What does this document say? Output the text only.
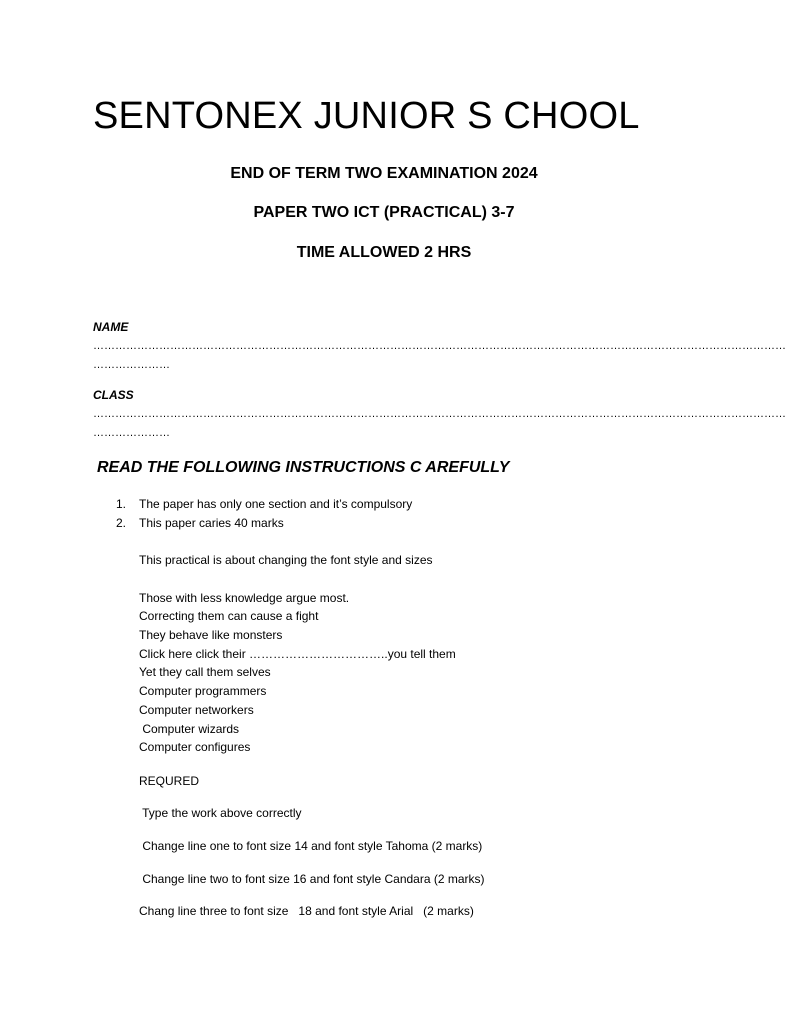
SENTONEX JUNIOR S CHOOL
END OF TERM TWO EXAMINATION 2024
PAPER TWO ICT (PRACTICAL) 3-7
TIME ALLOWED 2 HRS
NAME
………………………………………………………………………………………………………………………………………………………………………
…………………
CLASS
………………………………………………………………………………………………………………………………………………………………………
…………………
READ THE FOLLOWING INSTRUCTIONS C AREFULLY
1. The paper has only one section and it’s compulsory
2. This paper caries 40 marks
This practical is about changing the font style and sizes
Those with less knowledge argue most.
Correcting them can cause a fight
They behave like monsters
Click here click their ……………………………..you tell them
Yet they call them selves
Computer programmers
Computer networkers
Computer wizards
Computer configures
REQURED
Type the work above correctly
Change line one to font size 14 and font style Tahoma (2 marks)
Change line two to font size 16 and font style Candara (2 marks)
Chang line three to font size   18 and font style Arial   (2 marks)
